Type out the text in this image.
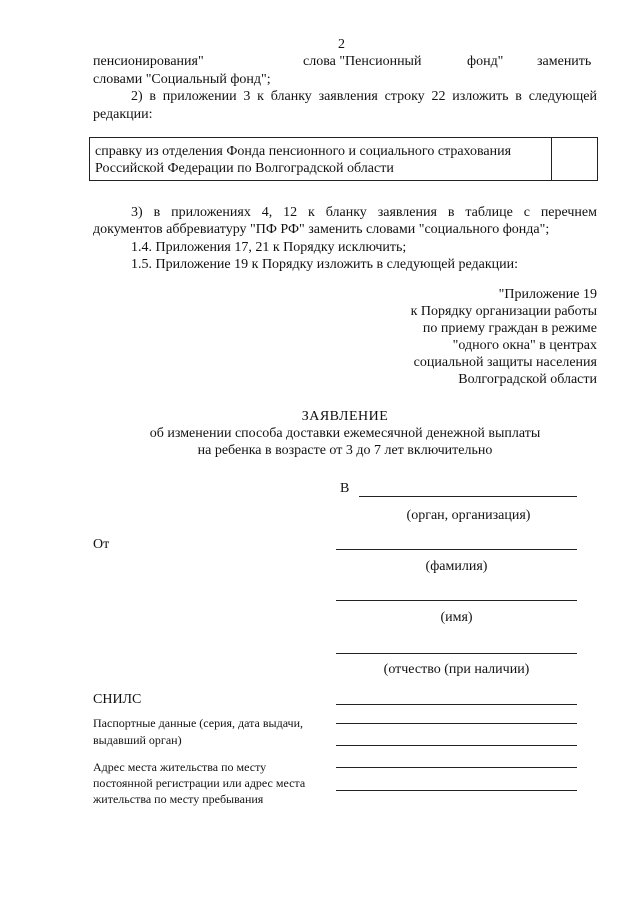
2
пенсионирования"	слова "Пенсионный	фонд" заменить
словами "Социальный фонд";
2) в приложении 3 к бланку заявления строку 22 изложить в следующей
редакции:
справку из отделения Фонда пенсионного и социального страхования
Российской Федерации по Волгоградской области
3) в приложениях 4, 12 к бланку заявления в таблице с перечнем
документов аббревиатуру "ПФ РФ" заменить словами "социального фонда";
1.4. Приложения 17, 21 к Порядку исключить;
1.5. Приложение 19 к Порядку изложить в следующей редакции:
"Приложение 19
к Порядку организации работы
по приему граждан в режиме
"одного окна" в центрах
социальной защиты населения
Волгоградской области
ЗАЯВЛЕНИЕ
об изменении способа доставки ежемесячной денежной выплаты
на ребенка в возрасте от 3 до 7 лет включительно
В
(орган, организация)
От
(фамилия)
(имя)
(отчество (при наличии)
СНИЛС
Паспортные данные (серия, дата выдачи,
выдавший орган)
Адрес места жительства по месту
постоянной регистрации или адрес места
жительства по месту пребывания
